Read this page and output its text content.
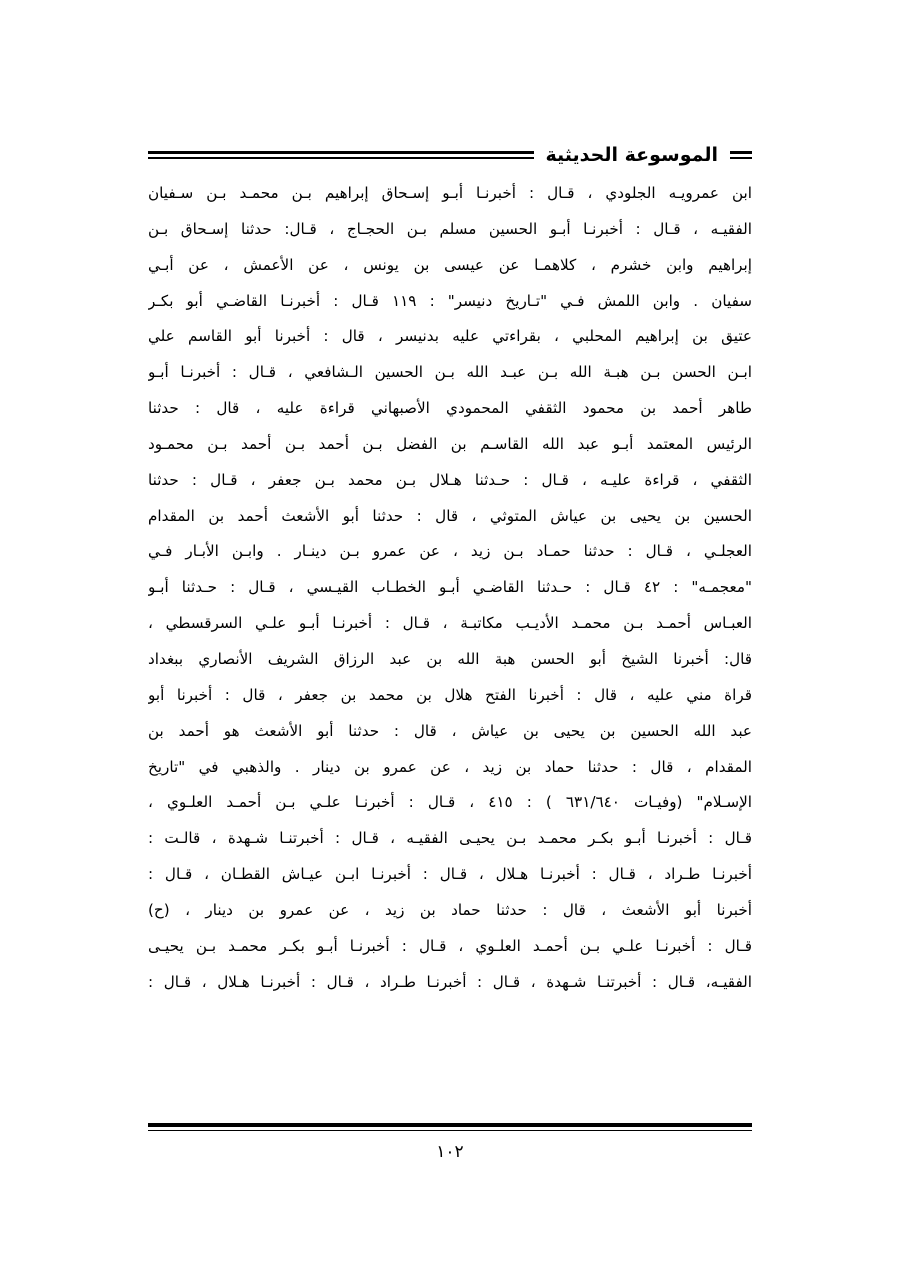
الموسوعة الحديثية
ابن عمرويـه الجلودي ، قـال : أخبرنـا أبـو إسـحاق إبراهيم بـن محمـد بـن سـفيان
الفقيـه ، قـال : أخبرنـا أبـو الحسين مسلم بـن الحجـاج ، قـال: حدثنا إسـحاق بـن
إبراهيم وابن خشرم ، كلاهمـا عن عيسى بن يونس ، عن الأعمش ، عن أبـي
سفيان . وابن اللمش فـي "تـاريخ دنيسر" : ١١٩ قـال : أخبرنـا القاضـي أبو بكـر
عتيق بن إبراهيم المحلبي ، بقراءتي عليه بدنيسر ، قال : أخبرنا أبو القاسم علي
ابـن الحسن بـن هبـة الله بـن عبـد الله بـن الحسين الـشافعي ، قـال : أخبرنـا أبـو
طاهر أحمد بن محمود الثقفي المحمودي الأصبهاني قراءة عليه ، قال : حدثنا
الرئيس المعتمد أبـو عبد الله القاسـم بن الفضل بـن أحمد بـن أحمد بـن محمـود
الثقفي ، قراءة عليـه ، قـال : حـدثنا هـلال بـن محمد بـن جعفر ، قـال : حدثنا
الحسين بن يحيى بن عياش المتوثي ، قال : حدثنا أبو الأشعث أحمد بن المقدام
العجلـي ، قـال : حدثنا حمـاد بـن زيد ، عن عمرو بـن دينـار . وابـن الأبـار فـي
"معجمـه" : ٤٢ قـال : حـدثنا القاضـي أبـو الخطـاب القيـسي ، قـال : حـدثنا أبـو
العبـاس أحمـد بـن محمـد الأديـب مكاتبـة ، قـال : أخبرنـا أبـو علـي السرقسطي ،
قال: أخبرنا الشيخ أبو الحسن هبة الله بن عبد الرزاق الشريف الأنصاري ببغداد
قراة مني عليه ، قال : أخبرنا الفتح هلال بن محمد بن جعفر ، قال : أخبرنا أبو
عبد الله الحسين بن يحيى بن عياش ، قال : حدثنا أبو الأشعث هو أحمد بن
المقدام ، قال : حدثنا حماد بن زيد ، عن عمرو بن دينار . والذهبي في "تاريخ
الإسـلام" (وفيـات ٦٣١/٦٤٠ ) : ٤١٥ ، قـال : أخبرنـا علـي بـن أحمـد العلـوي ،
قـال : أخبرنـا أبـو بكـر محمـد بـن يحيـى الفقيـه ، قـال : أخبرتنـا شـهدة ، قالـت :
أخبرنـا طـراد ، قـال : أخبرنـا هـلال ، قـال : أخبرنـا ابـن عيـاش القطـان ، قـال :
أخبرنا أبو الأشعث ، قال : حدثنا حماد بن زيد ، عن عمرو بن دينار ، (ح)
قـال : أخبرنـا علـي بـن أحمـد العلـوي ، قـال : أخبرنـا أبـو بكـر محمـد بـن يحيـى
الفقيـه، قـال : أخبرتنـا شـهدة ، قـال : أخبرنـا طـراد ، قـال : أخبرنـا هـلال ، قـال :
١٠٢
